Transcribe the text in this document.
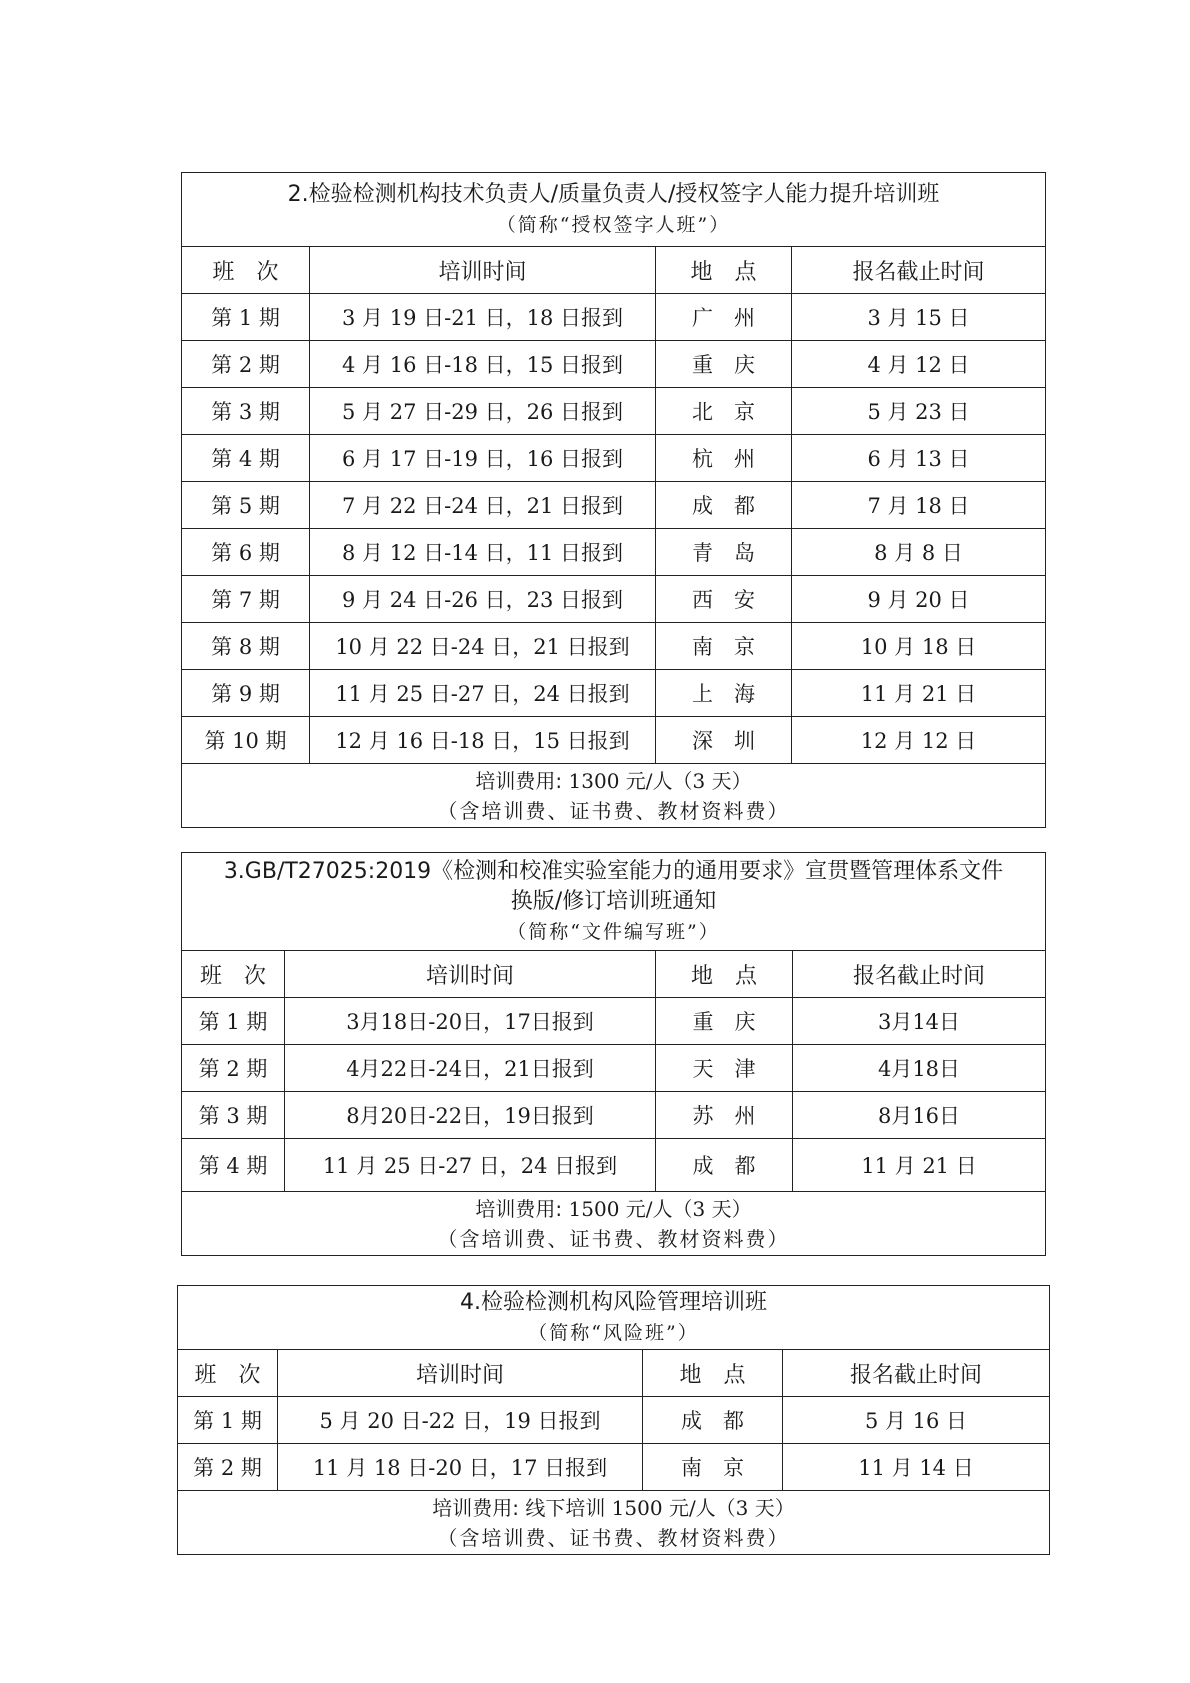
2.检验检测机构技术负责人/质量负责人/授权签字人能力提升培训班
（简称“授权签字人班”）			

班　次	培训时间	地　点	报名截止时间
第 1 期	3 月 19 日-21 日，18 日报到	广　州	3 月 15 日
第 2 期	4 月 16 日-18 日，15 日报到	重　庆	4 月 12 日
第 3 期	5 月 27 日-29 日，26 日报到	北　京	5 月 23 日
第 4 期	6 月 17 日-19 日，16 日报到	杭　州	6 月 13 日
第 5 期	7 月 22 日-24 日，21 日报到	成　都	7 月 18 日
第 6 期	8 月 12 日-14 日，11 日报到	青　岛	8 月 8 日
第 7 期	9 月 24 日-26 日，23 日报到	西　安	9 月 20 日
第 8 期	10 月 22 日-24 日，21 日报到	南　京	10 月 18 日
第 9 期	11 月 25 日-27 日，24 日报到	上　海	11 月 21 日
第 10 期	12 月 16 日-18 日，15 日报到	深　圳	12 月 12 日

培训费用: 1300 元/人（3 天）
（含培训费、证书费、教材资料费）			
3.GB/T27025:2019《检测和校准实验室能力的通用要求》宣贯暨管理体系文件
换版/修订培训班通知
（简称“文件编写班”）			

班　次	培训时间	地　点	报名截止时间
第 1 期	3月18日-20日，17日报到	重　庆	3月14日
第 2 期	4月22日-24日，21日报到	天　津	4月18日
第 3 期	8月20日-22日，19日报到	苏　州	8月16日
第 4 期	11 月 25 日-27 日，24 日报到	成　都	11 月 21 日

培训费用: 1500 元/人（3 天）
（含培训费、证书费、教材资料费）			
4.检验检测机构风险管理培训班
（简称“风险班”）			

班　次	培训时间	地　点	报名截止时间
第 1 期	5 月 20 日-22 日，19 日报到	成　都	5 月 16 日
第 2 期	11 月 18 日-20 日，17 日报到	南　京	11 月 14 日

培训费用: 线下培训 1500 元/人（3 天）
（含培训费、证书费、教材资料费）			
